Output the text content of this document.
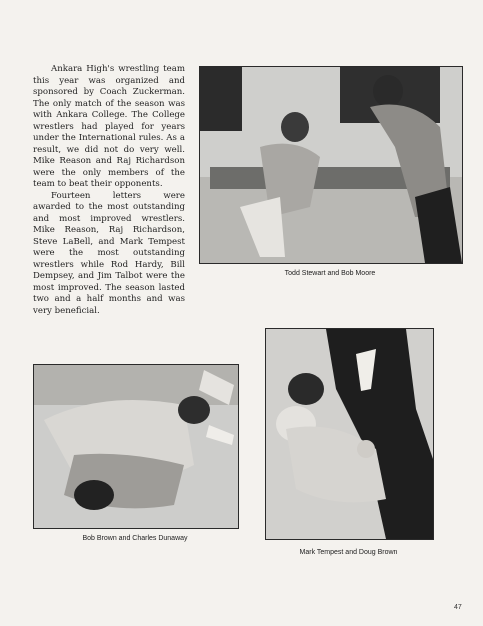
Ankara High's wrestling team this year was organized and sponsored by Coach Zuckerman. The only match of the season was with Ankara College. The College wrestlers had played for years under the International rules. As a result, we did not do very well. Mike Reason and Raj Richardson were the only members of the team to beat their opponents.

Fourteen letters were awarded to the most outstanding and most improved wrestlers. Mike Reason, Raj Richardson, Steve LaBell, and Mark Tempest were the most outstanding wrestlers while Rod Hardy, Bill Dempsey, and Jim Talbot were the most improved. The season lasted two and a half months and was very beneficial.

Todd Stewart and Bob Moore

Bob Brown and Charles Dunaway

Mark Tempest and Doug Brown

47
